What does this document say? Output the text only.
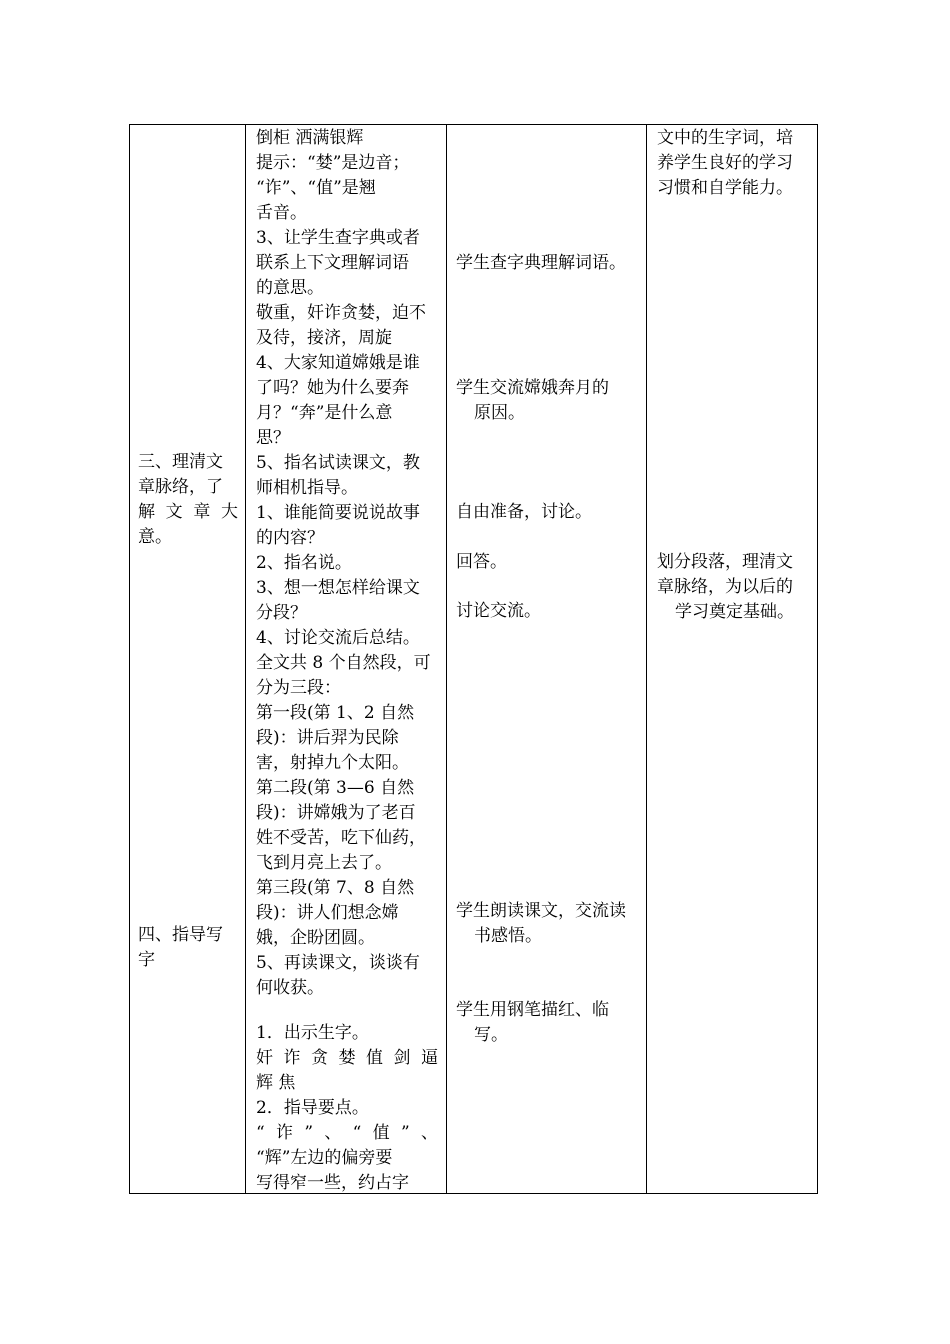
三、理清文
章脉络，了
解 文 章 大
意。
四、指导写
字
倒柜 洒满银辉
提示：“婪”是边音；
“诈”、“值”是翘
舌音。
3、让学生查字典或者
联系上下文理解词语
的意思。
敬重，奸诈贪婪，迫不
及待，接济，周旋
4、大家知道嫦娥是谁
了吗？她为什么要奔
月？“奔”是什么意
思？
5、指名试读课文，教
师相机指导。
1、谁能简要说说故事
的内容？
2、指名说。
3、想一想怎样给课文
分段？
4、讨论交流后总结。
全文共 8 个自然段，可
分为三段：
第一段(第 1、2 自然
段)：讲后羿为民除
害，射掉九个太阳。
第二段(第 3—6 自然
段)：讲嫦娥为了老百
姓不受苦，吃下仙药，
飞到月亮上去了。
第三段(第 7、8 自然
段)：讲人们想念嫦
娥，企盼团圆。
5、再读课文，谈谈有
何收获。
1．出示生字。
奸 诈 贪 婪 值 剑 逼
辉 焦
2．指导要点。
“诈”、“值”、
“辉”左边的偏旁要
写得窄一些，约占字
学生查字典理解词语。
学生交流嫦娥奔月的
原因。
自由准备，讨论。
回答。
讨论交流。
学生朗读课文，交流读
书感悟。
学生用钢笔描红、临
写。
文中的生字词，培
养学生良好的学习
习惯和自学能力。
划分段落，理清文
章脉络，为以后的
学习奠定基础。
